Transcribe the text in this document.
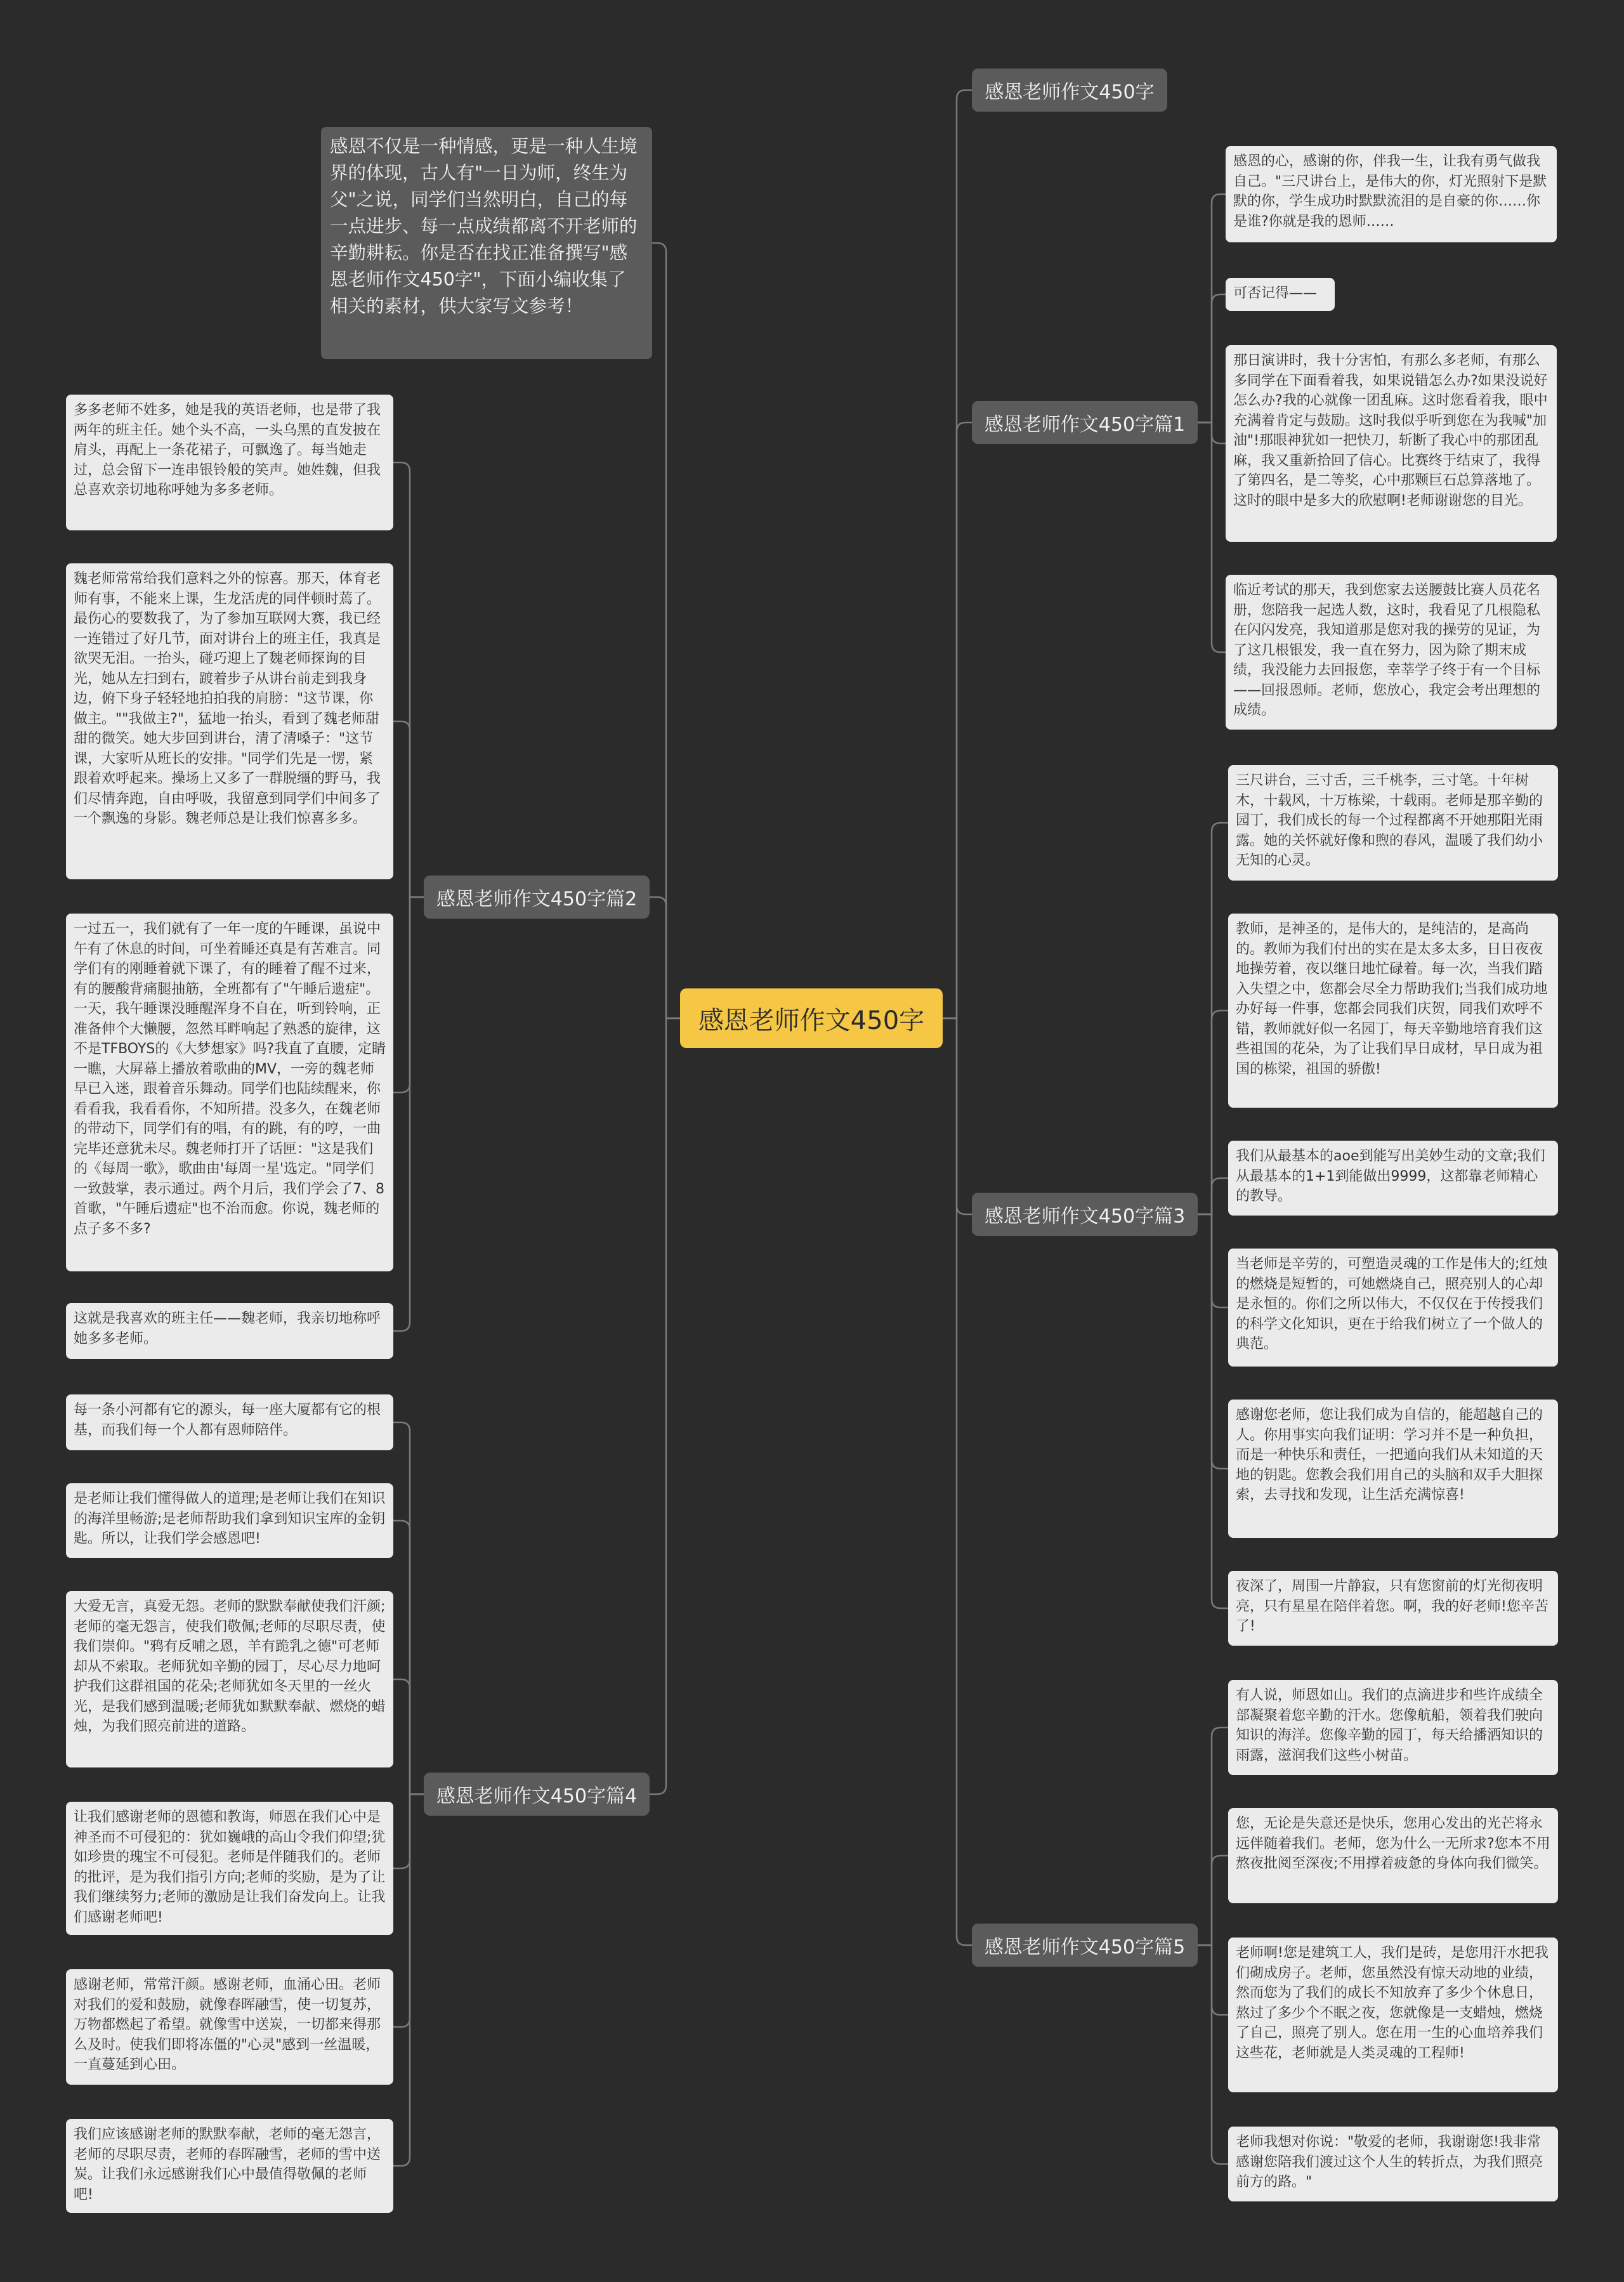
感恩老师作文450字
感恩不仅是一种情感，更是一种人生境界的体现，古人有"一日为师，终生为父"之说，同学们当然明白，自己的每一点进步、每一点成绩都离不开老师的辛勤耕耘。你是否在找正准备撰写"感恩老师作文450字"，下面小编收集了相关的素材，供大家写文参考！
感恩老师作文450字
感恩老师作文450字篇1
感恩的心，感谢的你，伴我一生，让我有勇气做我自己。"三尺讲台上，是伟大的你，灯光照射下是默默的你，学生成功时默默流泪的是自豪的你……你是谁?你就是我的恩师……
可否记得——
那日演讲时，我十分害怕，有那么多老师，有那么多同学在下面看着我，如果说错怎么办?如果没说好怎么办?我的心就像一团乱麻。这时您看着我，眼中充满着肯定与鼓励。这时我似乎听到您在为我喊"加油"!那眼神犹如一把快刀，斩断了我心中的那团乱麻，我又重新拾回了信心。比赛终于结束了，我得了第四名，是二等奖，心中那颗巨石总算落地了。这时的眼中是多大的欣慰啊!老师谢谢您的目光。
临近考试的那天，我到您家去送腰鼓比赛人员花名册，您陪我一起选人数，这时，我看见了几根隐私在闪闪发亮，我知道那是您对我的操劳的见证，为了这几根银发，我一直在努力，因为除了期末成绩，我没能力去回报您，幸莘学子终于有一个目标——回报恩师。老师，您放心，我定会考出理想的成绩。
感恩老师作文450字篇2
多多老师不姓多，她是我的英语老师，也是带了我两年的班主任。她个头不高，一头乌黑的直发披在肩头，再配上一条花裙子，可飘逸了。每当她走过，总会留下一连串银铃般的笑声。她姓魏，但我总喜欢亲切地称呼她为多多老师。
魏老师常常给我们意料之外的惊喜。那天，体育老师有事，不能来上课，生龙活虎的同伴顿时蔫了。最伤心的要数我了，为了参加互联网大赛，我已经一连错过了好几节，面对讲台上的班主任，我真是欲哭无泪。一抬头，碰巧迎上了魏老师探询的目光，她从左扫到右，踱着步子从讲台前走到我身边，俯下身子轻轻地拍拍我的肩膀："这节课，你做主。""我做主?"，猛地一抬头，看到了魏老师甜甜的微笑。她大步回到讲台，清了清嗓子："这节课，大家听从班长的安排。"同学们先是一愣，紧跟着欢呼起来。操场上又多了一群脱缰的野马，我们尽情奔跑，自由呼吸，我留意到同学们中间多了一个飘逸的身影。魏老师总是让我们惊喜多多。
一过五一，我们就有了一年一度的午睡课，虽说中午有了休息的时间，可坐着睡还真是有苦难言。同学们有的刚睡着就下课了，有的睡着了醒不过来，有的腰酸背痛腿抽筋，全班都有了"午睡后遗症"。一天，我午睡课没睡醒浑身不自在，听到铃响，正准备伸个大懒腰，忽然耳畔响起了熟悉的旋律，这不是TFBOYS的《大梦想家》吗?我直了直腰，定睛一瞧，大屏幕上播放着歌曲的MV，一旁的魏老师早已入迷，跟着音乐舞动。同学们也陆续醒来，你看看我，我看看你，不知所措。没多久，在魏老师的带动下，同学们有的唱，有的跳，有的哼，一曲完毕还意犹未尽。魏老师打开了话匣："这是我们的《每周一歌》，歌曲由'每周一星'选定。"同学们一致鼓掌，表示通过。两个月后，我们学会了7、8首歌，"午睡后遗症"也不治而愈。你说，魏老师的点子多不多?
这就是我喜欢的班主任——魏老师，我亲切地称呼她多多老师。
感恩老师作文450字篇3
三尺讲台，三寸舌，三千桃李，三寸笔。十年树木，十载风，十万栋梁，十载雨。老师是那辛勤的园丁，我们成长的每一个过程都离不开她那阳光雨露。她的关怀就好像和煦的春风，温暖了我们幼小无知的心灵。
教师，是神圣的，是伟大的，是纯洁的，是高尚的。教师为我们付出的实在是太多太多，日日夜夜地操劳着，夜以继日地忙碌着。每一次，当我们踏入失望之中，您都会尽全力帮助我们;当我们成功地办好每一件事，您都会同我们庆贺，同我们欢呼不错，教师就好似一名园丁，每天辛勤地培育我们这些祖国的花朵，为了让我们早日成材，早日成为祖国的栋梁，祖国的骄傲!
我们从最基本的aoe到能写出美妙生动的文章;我们从最基本的1+1到能做出9999，这都靠老师精心的教导。
当老师是辛劳的，可塑造灵魂的工作是伟大的;红烛的燃烧是短暂的，可她燃烧自己，照亮别人的心却是永恒的。你们之所以伟大，不仅仅在于传授我们的科学文化知识，更在于给我们树立了一个做人的典范。
感谢您老师，您让我们成为自信的，能超越自己的人。你用事实向我们证明：学习并不是一种负担，而是一种快乐和责任，一把通向我们从未知道的天地的钥匙。您教会我们用自己的头脑和双手大胆探索，去寻找和发现，让生活充满惊喜!
夜深了，周围一片静寂，只有您窗前的灯光彻夜明亮，只有星星在陪伴着您。啊，我的好老师!您辛苦了!
感恩老师作文450字篇4
每一条小河都有它的源头，每一座大厦都有它的根基，而我们每一个人都有恩师陪伴。
是老师让我们懂得做人的道理;是老师让我们在知识的海洋里畅游;是老师帮助我们拿到知识宝库的金钥匙。所以，让我们学会感恩吧!
大爱无言，真爱无怨。老师的默默奉献使我们汗颜;老师的毫无怨言，使我们敬佩;老师的尽职尽责，使我们崇仰。"鸦有反哺之恩，羊有跪乳之德"可老师却从不索取。老师犹如辛勤的园丁，尽心尽力地呵护我们这群祖国的花朵;老师犹如冬天里的一丝火光，是我们感到温暖;老师犹如默默奉献、燃烧的蜡烛，为我们照亮前进的道路。
让我们感谢老师的恩德和教诲，师恩在我们心中是神圣而不可侵犯的：犹如巍峨的高山令我们仰望;犹如珍贵的瑰宝不可侵犯。老师是伴随我们的。老师的批评，是为我们指引方向;老师的奖励，是为了让我们继续努力;老师的激励是让我们奋发向上。让我们感谢老师吧!
感谢老师，常常汗颜。感谢老师，血涌心田。老师对我们的爱和鼓励，就像春晖融雪，使一切复苏，万物都燃起了希望。就像雪中送炭，一切都来得那么及时。使我们即将冻僵的"心灵"感到一丝温暖，一直蔓延到心田。
我们应该感谢老师的默默奉献，老师的毫无怨言，老师的尽职尽责，老师的春晖融雪，老师的雪中送炭。让我们永远感谢我们心中最值得敬佩的老师吧!
感恩老师作文450字篇5
有人说，师恩如山。我们的点滴进步和些许成绩全部凝聚着您辛勤的汗水。您像航船，领着我们驶向知识的海洋。您像辛勤的园丁，每天给播洒知识的雨露，滋润我们这些小树苗。
您，无论是失意还是快乐，您用心发出的光芒将永远伴随着我们。老师，您为什么一无所求?您本不用熬夜批阅至深夜;不用撑着疲惫的身体向我们微笑。
老师啊!您是建筑工人，我们是砖，是您用汗水把我们砌成房子。老师，您虽然没有惊天动地的业绩，然而您为了我们的成长不知放弃了多少个休息日，熬过了多少个不眠之夜，您就像是一支蜡烛，燃烧了自己，照亮了别人。您在用一生的心血培养我们这些花，老师就是人类灵魂的工程师!
老师我想对你说："敬爱的老师，我谢谢您!我非常感谢您陪我们渡过这个人生的转折点，为我们照亮前方的路。"
